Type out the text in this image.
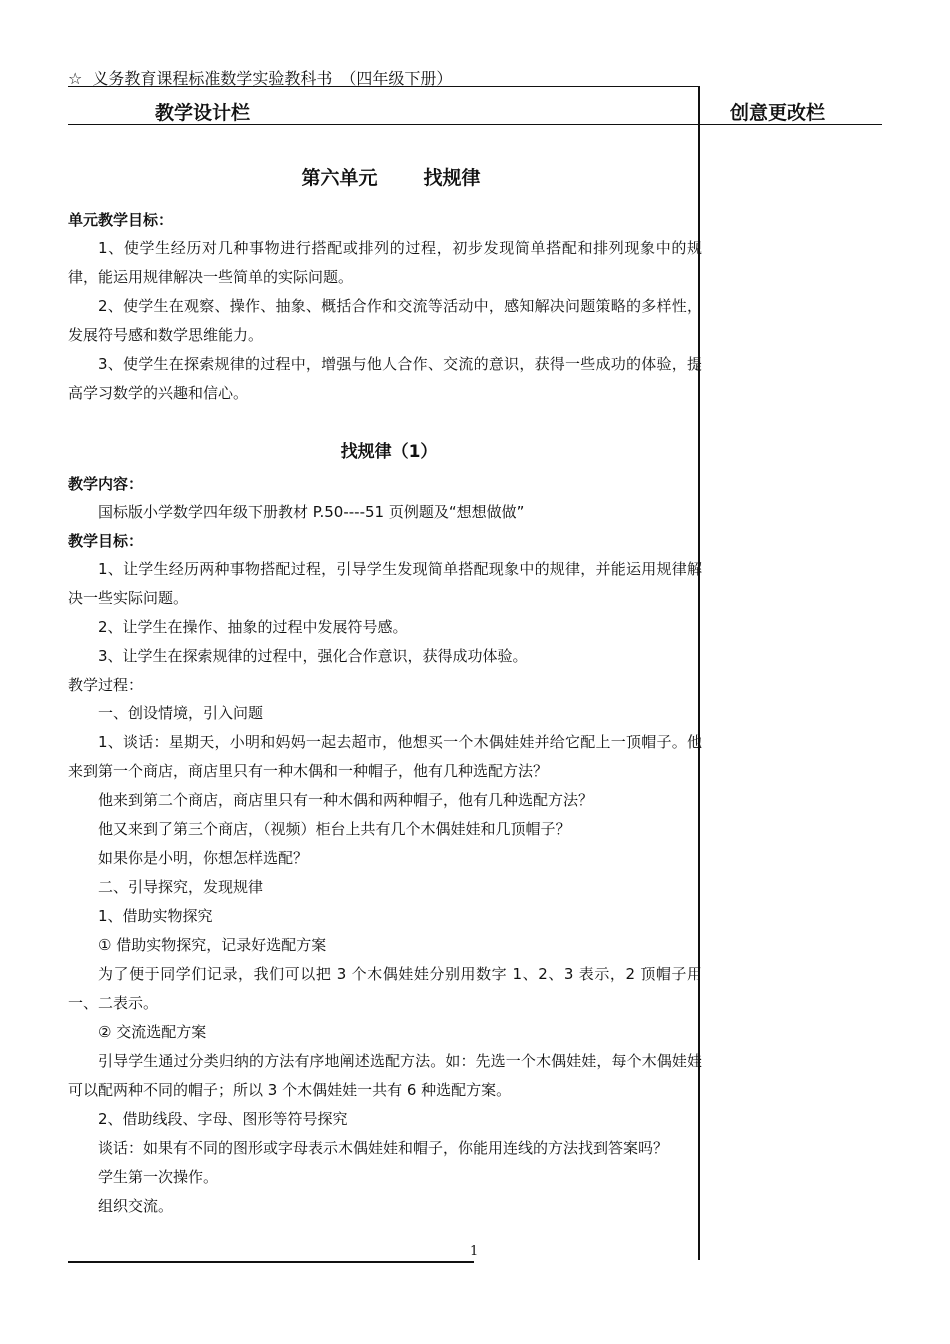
☆ 义务教育课程标准数学实验教科书　（四年级下册）
教学设计栏	创意更改栏
第六单元 找规律
单元教学目标：
1、使学生经历对几种事物进行搭配或排列的过程，初步发现简单搭配和排列现象中的规律，能运用规律解决一些简单的实际问题。
2、使学生在观察、操作、抽象、概括合作和交流等活动中，感知解决问题策略的多样性，发展符号感和数学思维能力。
3、使学生在探索规律的过程中，增强与他人合作、交流的意识，获得一些成功的体验，提高学习数学的兴趣和信心。
找规律（1）
教学内容：
国标版小学数学四年级下册教材 P.50----51 页例题及“想想做做”
教学目标：
1、让学生经历两种事物搭配过程，引导学生发现简单搭配现象中的规律，并能运用规律解决一些实际问题。
2、让学生在操作、抽象的过程中发展符号感。
3、让学生在探索规律的过程中，强化合作意识，获得成功体验。
教学过程：
一、创设情境，引入问题
1、谈话：星期天，小明和妈妈一起去超市，他想买一个木偶娃娃并给它配上一顶帽子。他来到第一个商店，商店里只有一种木偶和一种帽子，他有几种选配方法？
他来到第二个商店，商店里只有一种木偶和两种帽子，他有几种选配方法？
他又来到了第三个商店，（视频）柜台上共有几个木偶娃娃和几顶帽子？
如果你是小明，你想怎样选配？
二、引导探究，发现规律
1、借助实物探究
① 借助实物探究，记录好选配方案
为了便于同学们记录，我们可以把 3 个木偶娃娃分别用数字 1、2、3 表示，2 顶帽子用一、二表示。
② 交流选配方案
引导学生通过分类归纳的方法有序地阐述选配方法。如：先选一个木偶娃娃，每个木偶娃娃可以配两种不同的帽子；所以 3 个木偶娃娃一共有 6 种选配方案。
2、借助线段、字母、图形等符号探究
谈话：如果有不同的图形或字母表示木偶娃娃和帽子，你能用连线的方法找到答案吗？
学生第一次操作。
组织交流。
1
